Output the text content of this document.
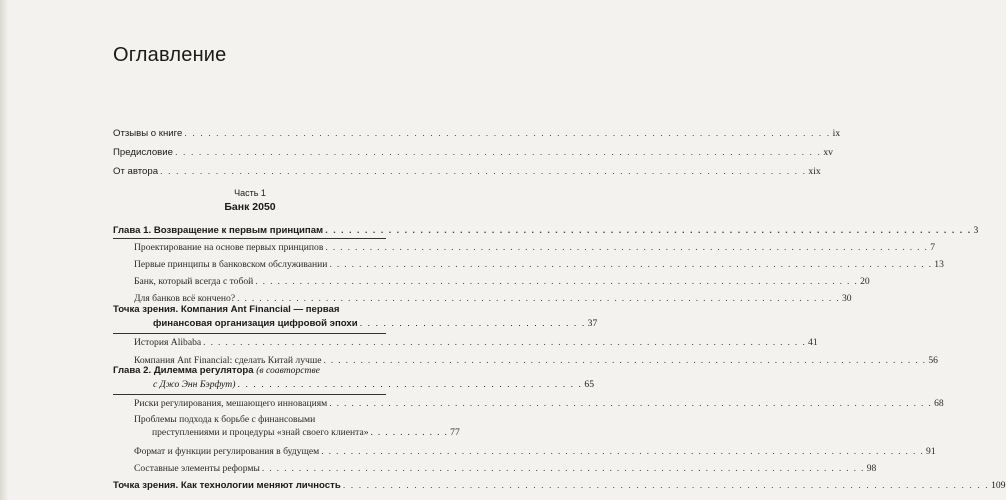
Оглавление
Отзывы о книге . . .	ix
Предисловие . . .	xv
От автора . . .	xix
Часть 1
Банк 2050
Глава 1. Возвращение к первым принципам . . .	3
Проектирование на основе первых принципов . . .	7
Первые принципы в банковском обслуживании . . .	13
Банк, который всегда с тобой . . .	20
Для банков всё кончено? . . .	30
Точка зрения. Компания Ant Financial — первая
финансовая организация цифровой эпохи . . . . . . . . . . . . . . . . . . . . . . . . . . . . . 37
История Alibaba . . .	41
Компания Ant Financial: сделать Китай лучше . . .	56
Глава 2. Дилемма регулятора (в соавторстве
с Джо Энн Бэрфут) . . . . . . . . . . . . . . . . . . . . . . . . . . . . . . . . . . . . . . . . . . . . 65
Риски регулирования, мешающего инновациям . . .	68
Проблемы подхода к борьбе с финансовыми
преступлениями и процедуры «знай своего клиента» . . . . . . . . . . . 77
Формат и функции регулирования в будущем . . .	91
Составные элементы реформы . . .	98
Точка зрения. Как технологии меняют личность . . .	109
